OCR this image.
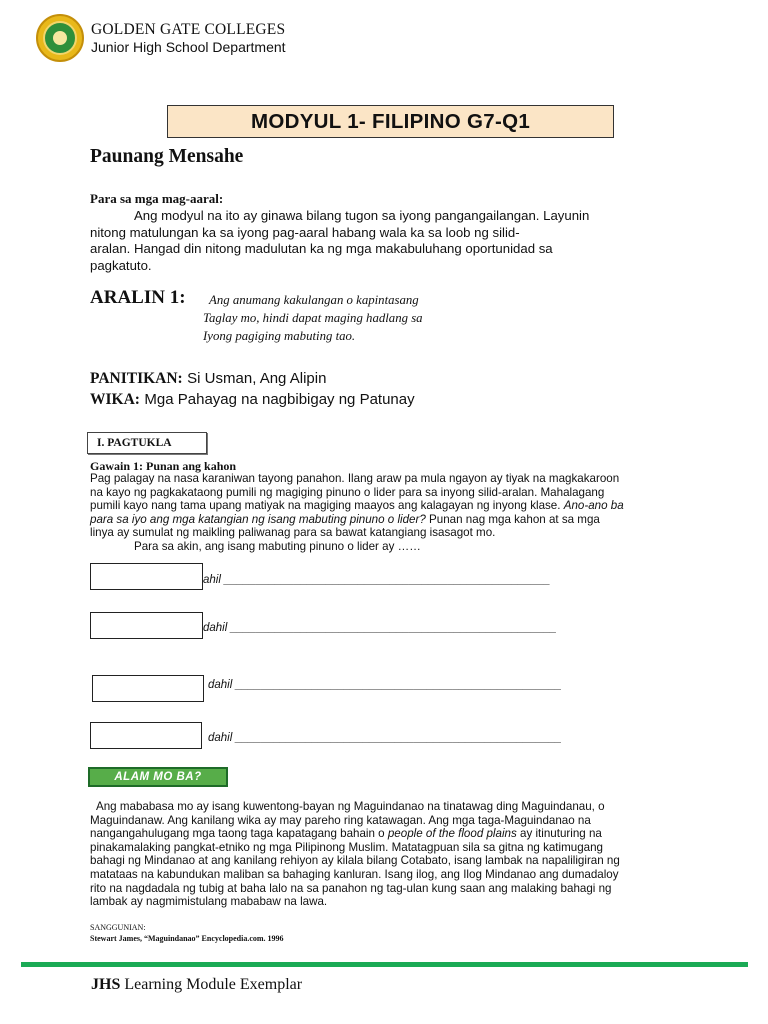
GOLDEN GATE COLLEGES
Junior High School Department
MODYUL 1- FILIPINO G7-Q1
Paunang Mensahe
Para sa mga mag-aaral:

Ang modyul na ito ay ginawa bilang tugon sa iyong pangangailangan. Layunin

nitong matulungan ka sa iyong pag-aaral habang wala ka sa loob ng silid-

aralan. Hangad din nitong madulutan ka ng mga makabuluhang oportunidad sa

pagkatuto.

ARALIN 1:	Ang anumang kakulangan o kapintasang
Taglay mo, hindi dapat maging hadlang sa
Iyong pagiging mabuting tao.
PANITIKAN: Si Usman, Ang Alipin
WIKA: Mga Pahayag na nagbibigay ng Patunay
I. PAGTUKLA
Gawain 1: Punan ang kahon
Pag palagay na nasa karaniwan tayong panahon. Ilang araw pa mula ngayon ay tiyak na magkakaroon
na kayo ng pagkakataong pumili ng magiging pinuno o lider para sa inyong silid-aralan. Mahalagang
pumili kayo nang tama upang matiyak na magiging maayos ang kalagayan ng inyong klase. Ano-ano ba
para sa iyo ang mga katangian ng isang mabuting pinuno o lider? Punan nag mga kahon at sa mga
linya ay sumulat ng maikling paliwanag para sa bawat katangiang isasagot mo.
Para sa akin, ang isang mabuting pinuno o lider ay ……
ahil ___________________________________________________
dahil ___________________________________________________
dahil ___________________________________________________
dahil ___________________________________________________
ALAM MO BA?
Ang mababasa mo ay isang kuwentong-bayan ng Maguindanao na tinatawag ding Maguindanau, o
Maguindanaw. Ang kanilang wika ay may pareho ring katawagan. Ang mga taga-Maguindanao na
nangangahulugang mga taong taga kapatagang bahain o people of the flood plains ay itinuturing na
pinakamalaking pangkat-etniko ng mga Pilipinong Muslim. Matatagpuan sila sa gitna ng katimugang
bahagi ng Mindanao at ang kanilang rehiyon ay kilala bilang Cotabato, isang lambak na napaliligiran ng
matataas na kabundukan maliban sa bahaging kanluran. Isang ilog, ang Ilog Mindanao ang dumadaloy
rito na nagdadala ng tubig at baha lalo na sa panahon ng tag-ulan kung saan ang malaking bahagi ng
lambak ay nagmimistulang mababaw na lawa.
SANGGUNIAN:
Stewart James, “Maguindanao” Encyclopedia.com. 1996
JHS Learning Module Exemplar
